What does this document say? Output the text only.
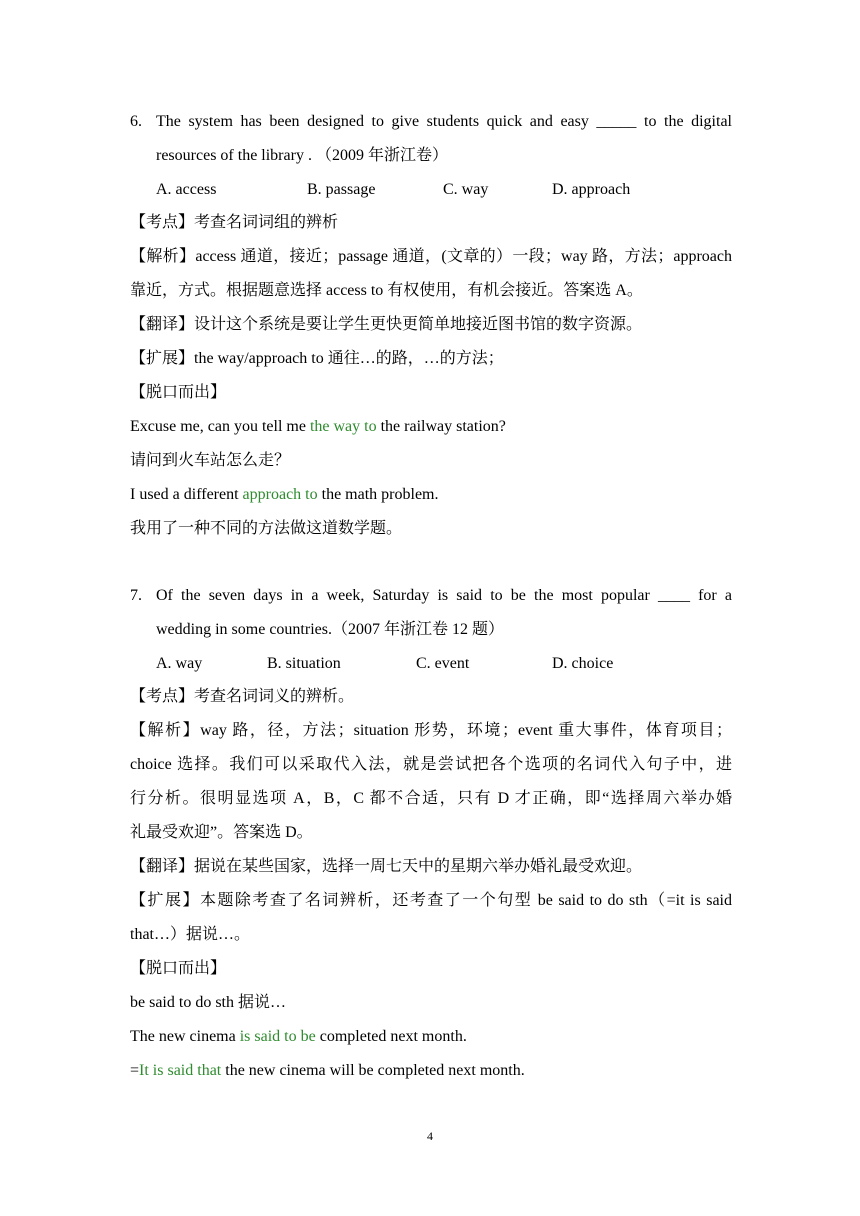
6. The system has been designed to give students quick and easy _____ to the digital
resources of the library . （2009 年浙江卷）
A. access	B. passage	C. way	D. approach
【考点】考查名词词组的辨析
【解析】access 通道，接近；passage 通道，(文章的）一段；way 路，方法；approach
靠近，方式。根据题意选择 access to 有权使用，有机会接近。答案选 A。
【翻译】设计这个系统是要让学生更快更简单地接近图书馆的数字资源。
【扩展】the way/approach to 通往…的路，…的方法；
【脱口而出】
Excuse me, can you tell me the way to the railway station?
请问到火车站怎么走？
I used a different approach to the math problem.
我用了一种不同的方法做这道数学题。
7. Of the seven days in a week, Saturday is said to be the most popular ____ for a
wedding in some countries.（2007 年浙江卷 12 题）
A. way	B. situation	C. event	D. choice
【考点】考查名词词义的辨析。
【解析】way 路，径，方法；situation 形势，环境；event 重大事件，体育项目；
choice 选择。我们可以采取代入法，就是尝试把各个选项的名词代入句子中，进
行分析。很明显选项 A，B，C 都不合适，只有 D 才正确，即“选择周六举办婚
礼最受欢迎”。答案选 D。
【翻译】据说在某些国家，选择一周七天中的星期六举办婚礼最受欢迎。
【扩展】本题除考查了名词辨析，还考查了一个句型 be said to do sth（=it is said
that…）据说…。
【脱口而出】
be said to do sth 据说…
The new cinema is said to be completed next month.
=It is said that the new cinema will be completed next month.
4
